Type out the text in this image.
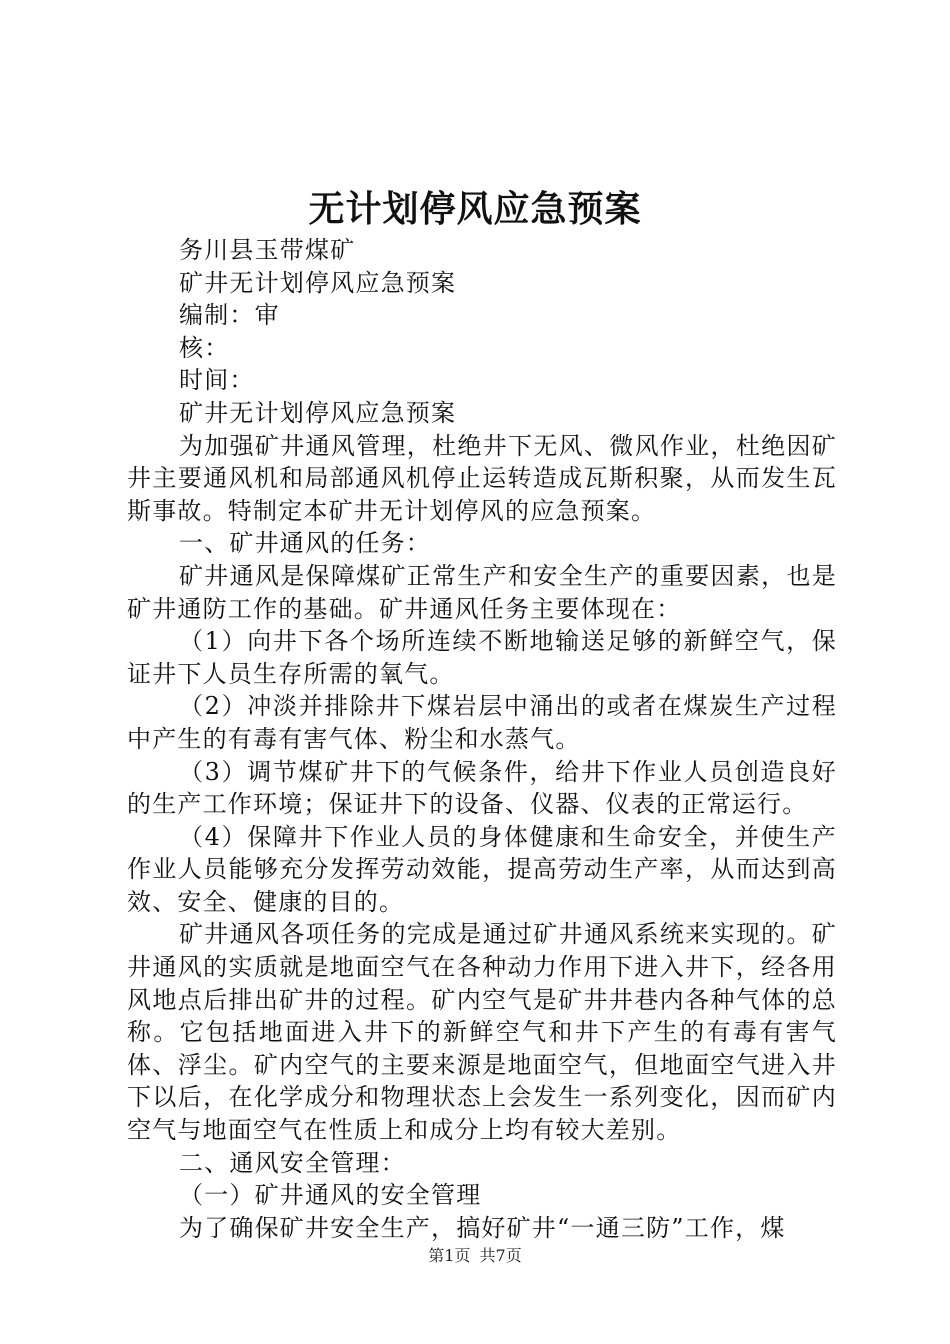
无计划停风应急预案

务川县玉带煤矿

矿井无计划停风应急预案

编制：审

核：

时间：

矿井无计划停风应急预案

为加强矿井通风管理，杜绝井下无风、微风作业，杜绝因矿井主要通风机和局部通风机停止运转造成瓦斯积聚，从而发生瓦斯事故。特制定本矿井无计划停风的应急预案。

一、矿井通风的任务：

矿井通风是保障煤矿正常生产和安全生产的重要因素，也是矿井通防工作的基础。矿井通风任务主要体现在：

（1）向井下各个场所连续不断地输送足够的新鲜空气，保证井下人员生存所需的氧气。

（2）冲淡并排除井下煤岩层中涌出的或者在煤炭生产过程中产生的有毒有害气体、粉尘和水蒸气。

（3）调节煤矿井下的气候条件，给井下作业人员创造良好的生产工作环境；保证井下的设备、仪器、仪表的正常运行。

（4）保障井下作业人员的身体健康和生命安全，并使生产作业人员能够充分发挥劳动效能，提高劳动生产率，从而达到高效、安全、健康的目的。

矿井通风各项任务的完成是通过矿井通风系统来实现的。矿井通风的实质就是地面空气在各种动力作用下进入井下，经各用风地点后排出矿井的过程。矿内空气是矿井井巷内各种气体的总称。它包括地面进入井下的新鲜空气和井下产生的有毒有害气体、浮尘。矿内空气的主要来源是地面空气，但地面空气进入井下以后，在化学成分和物理状态上会发生一系列变化，因而矿内空气与地面空气在性质上和成分上均有较大差别。

二、通风安全管理：

（一）矿井通风的安全管理

为了确保矿井安全生产，搞好矿井“一通三防”工作，煤

第1页 共7页
